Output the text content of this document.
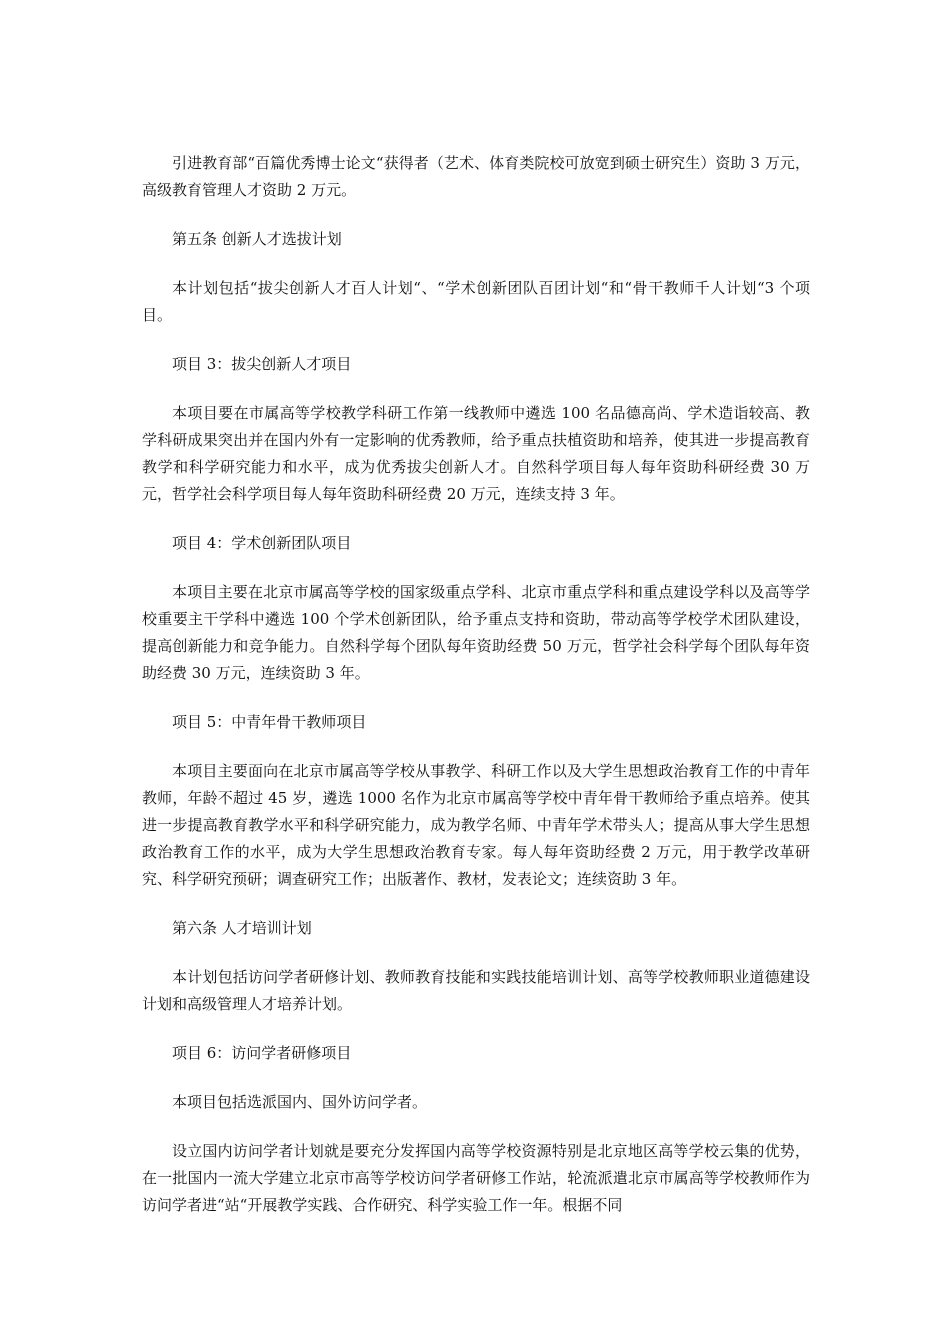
引进教育部“百篇优秀博士论文“获得者（艺术、体育类院校可放宽到硕士研究生）资助 3 万元，高级教育管理人才资助 2 万元。

第五条 创新人才选拔计划

本计划包括“拔尖创新人才百人计划“、“学术创新团队百团计划“和“骨干教师千人计划“3 个项目。

项目 3：拔尖创新人才项目

本项目要在市属高等学校教学科研工作第一线教师中遴选 100 名品德高尚、学术造诣较高、教学科研成果突出并在国内外有一定影响的优秀教师，给予重点扶植资助和培养，使其进一步提高教育教学和科学研究能力和水平，成为优秀拔尖创新人才。自然科学项目每人每年资助科研经费 30 万元，哲学社会科学项目每人每年资助科研经费 20 万元，连续支持 3 年。

项目 4：学术创新团队项目

本项目主要在北京市属高等学校的国家级重点学科、北京市重点学科和重点建设学科以及高等学校重要主干学科中遴选 100 个学术创新团队，给予重点支持和资助，带动高等学校学术团队建设，提高创新能力和竞争能力。自然科学每个团队每年资助经费 50 万元，哲学社会科学每个团队每年资助经费 30 万元，连续资助 3 年。

项目 5：中青年骨干教师项目

本项目主要面向在北京市属高等学校从事教学、科研工作以及大学生思想政治教育工作的中青年教师，年龄不超过 45 岁，遴选 1000 名作为北京市属高等学校中青年骨干教师给予重点培养。使其进一步提高教育教学水平和科学研究能力，成为教学名师、中青年学术带头人；提高从事大学生思想政治教育工作的水平，成为大学生思想政治教育专家。每人每年资助经费 2 万元，用于教学改革研究、科学研究预研；调查研究工作；出版著作、教材，发表论文；连续资助 3 年。

第六条 人才培训计划

本计划包括访问学者研修计划、教师教育技能和实践技能培训计划、高等学校教师职业道德建设计划和高级管理人才培养计划。

项目 6：访问学者研修项目

本项目包括选派国内、国外访问学者。

设立国内访问学者计划就是要充分发挥国内高等学校资源特别是北京地区高等学校云集的优势，在一批国内一流大学建立北京市高等学校访问学者研修工作站，轮流派遣北京市属高等学校教师作为访问学者进“站“开展教学实践、合作研究、科学实验工作一年。根据不同
